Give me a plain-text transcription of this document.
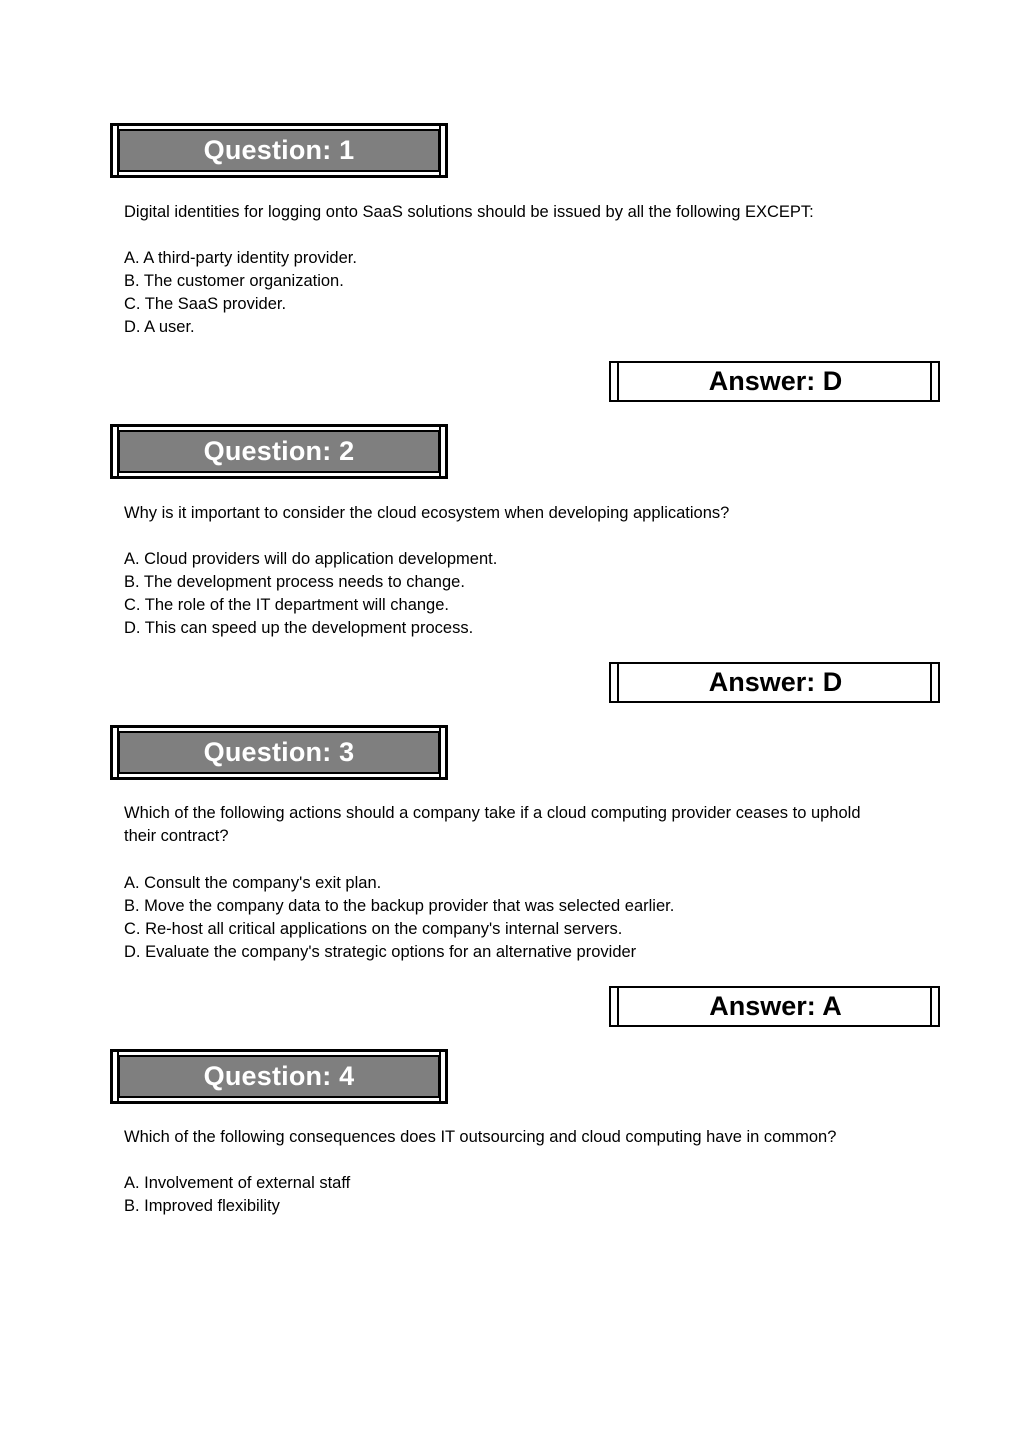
Question: 1
Digital identities for logging onto SaaS solutions should be issued by all the following EXCEPT:
A. A third-party identity provider.
B. The customer organization.
C. The SaaS provider.
D. A user.
Answer: D
Question: 2
Why is it important to consider the cloud ecosystem when developing applications?
A. Cloud providers will do application development.
B. The development process needs to change.
C. The role of the IT department will change.
D. This can speed up the development process.
Answer: D
Question: 3
Which of the following actions should a company take if a cloud computing provider ceases to uphold
their contract?
A. Consult the company's exit plan.
B. Move the company data to the backup provider that was selected earlier.
C. Re-host all critical applications on the company's internal servers.
D. Evaluate the company's strategic options for an alternative provider
Answer: A
Question: 4
Which of the following consequences does IT outsourcing and cloud computing have in common?
A. Involvement of external staff
B. Improved flexibility
